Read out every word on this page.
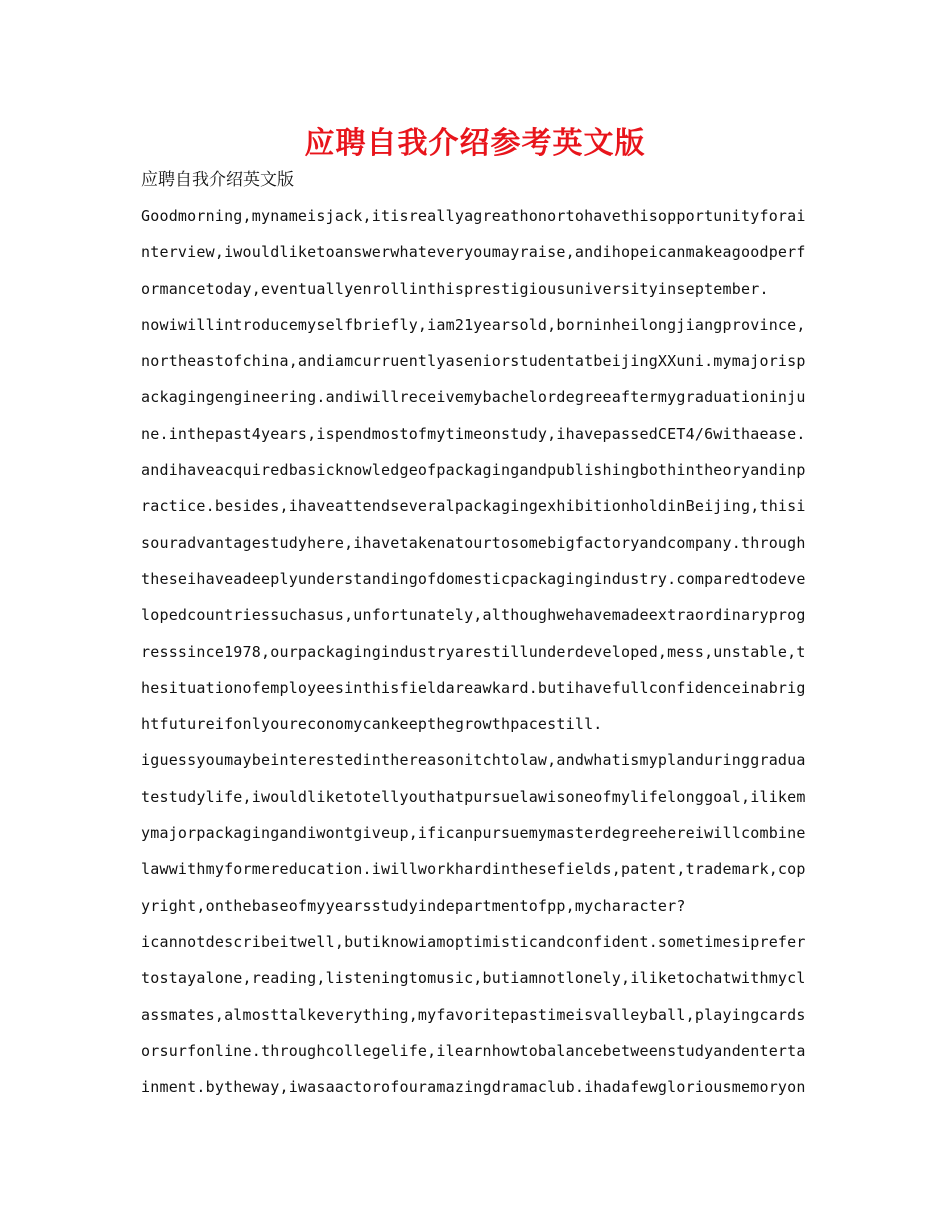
应聘自我介绍参考英文版

应聘自我介绍英文版

Goodmorning,mynameisjack,itisreallyagreathonortohavethisopportunityforai
nterview,iwouldliketoanswerwhateveryoumayraise,andihopeicanmakeagoodperf
ormancetoday,eventuallyenrollinthisprestigiousuniversityinseptember.
nowiwillintroducemyselfbriefly,iam21yearsold,borninheilongjiangprovince,
northeastofchina,andiamcurruentlyaseniorstudentatbeijingXXuni.mymajorisp
ackagingengineering.andiwillreceivemybachelordegreeaftermygraduationinju
ne.inthepast4years,ispendmostofmytimeonstudy,ihavepassedCET4/6withaease.
andihaveacquiredbasicknowledgeofpackagingandpublishingbothintheoryandinp
ractice.besides,ihaveattendseveralpackagingexhibitionholdinBeijing,thisi
souradvantagestudyhere,ihavetakenatourtosomebigfactoryandcompany.through
theseihaveadeeplyunderstandingofdomesticpackagingindustry.comparedtodeve
lopedcountriessuchasus,unfortunately,althoughwehavemadeextraordinaryprog
resssince1978,ourpackagingindustryarestillunderdeveloped,mess,unstable,t
hesituationofemployeesinthisfieldareawkard.butihavefullconfidenceinabrig
htfutureifonlyoureconomycankeepthegrowthpacestill.
iguessyoumaybeinterestedinthereasonitchtolaw,andwhatismyplanduringgradua
testudylife,iwouldliketotellyouthatpursuelawisoneofmylifelonggoal,ilikem
ymajorpackagingandiwontgiveup,ificanpursuemymasterdegreehereiwillcombine
lawwithmyformereducation.iwillworkhardinthesefields,patent,trademark,cop
yright,onthebaseofmyyearsstudyindepartmentofpp,mycharacter?
icannotdescribeitwell,butiknowiamoptimisticandconfident.sometimesiprefer
tostayalone,reading,listeningtomusic,butiamnotlonely,iliketochatwithmycl
assmates,almosttalkeverything,myfavoritepastimeisvalleyball,playingcards
orsurfonline.throughcollegelife,ilearnhowtobalancebetweenstudyandenterta
inment.bytheway,iwasaactorofouramazingdramaclub.ihadafewgloriousmemoryon
